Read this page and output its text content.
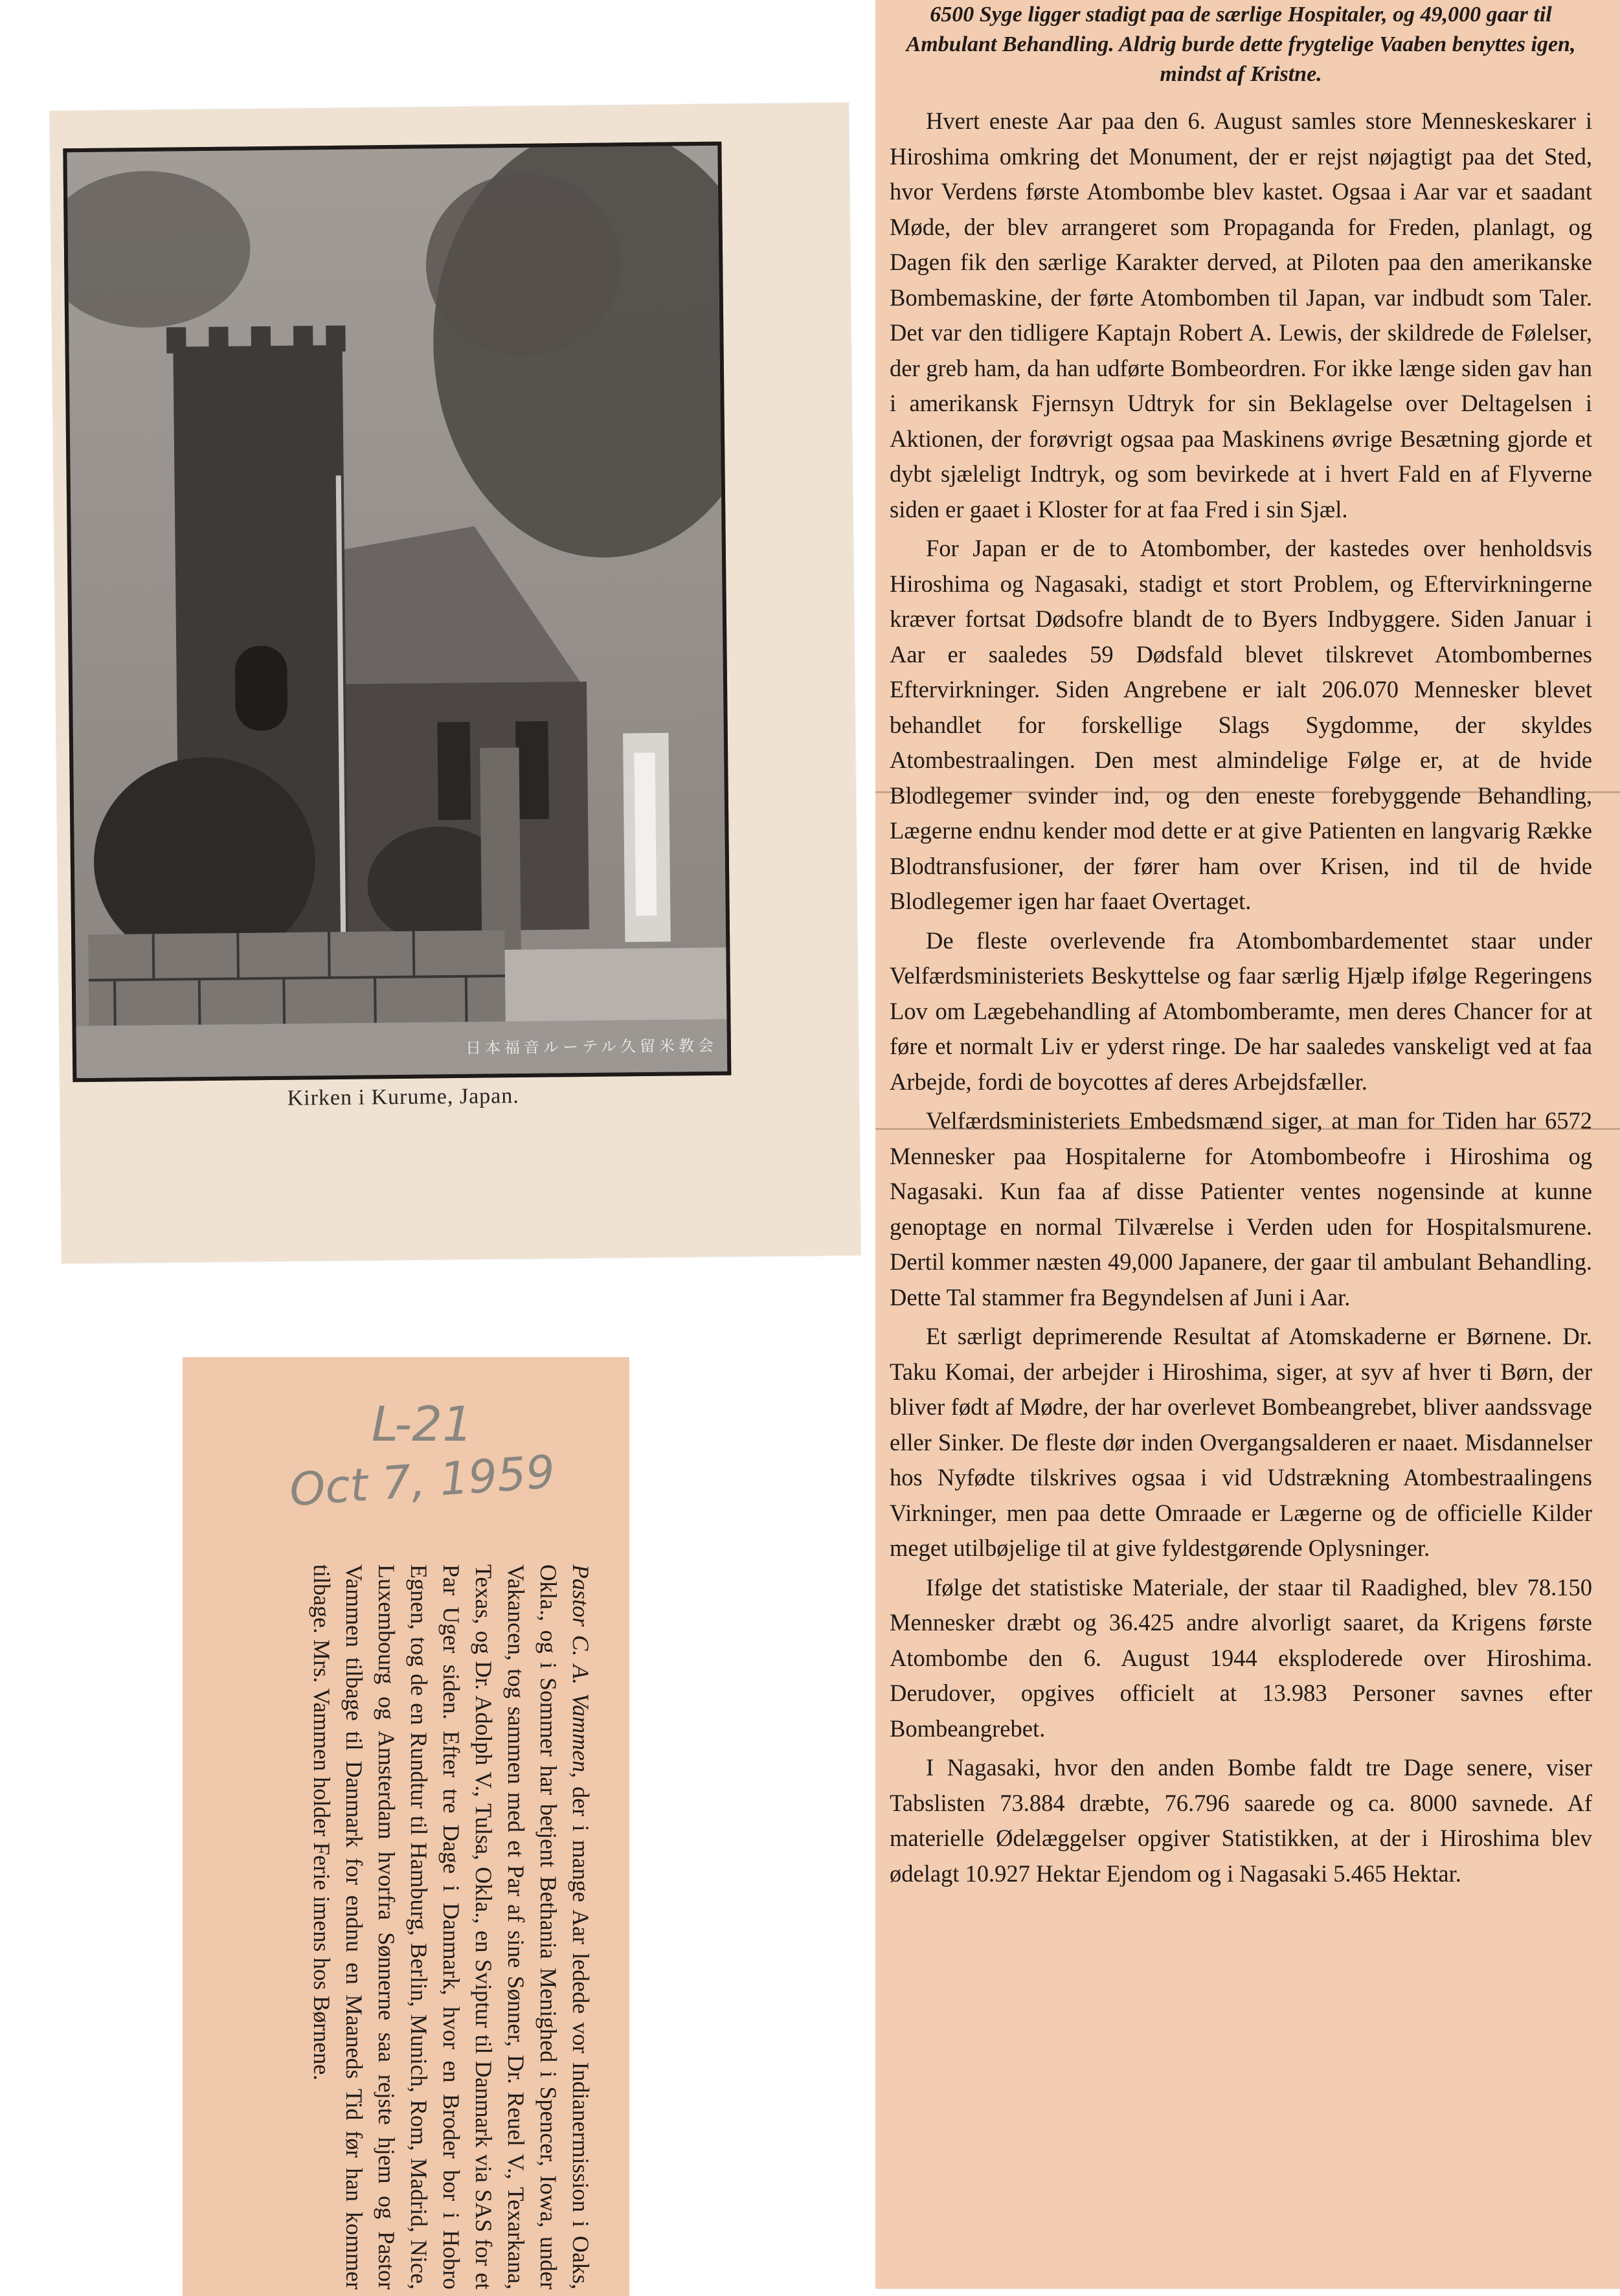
日本福音ルーテル久留米教会
Kirken i Kurume, Japan.
L-21
Oct 7, 1959
Pastor C. A. Vammen, der i mange Aar ledede vor Indianermission i Oaks, Okla., og i Sommer har betjent Bethania Menighed i Spencer, Iowa, under Vakancen, tog sammen med et Par af sine Sønner, Dr. Reuel V., Texarkana, Texas, og Dr. Adolph V., Tulsa, Okla., en Sviptur til Danmark via SAS for et Par Uger siden. Efter tre Dage i Danmark, hvor en Broder bor i Hobro Egnen, tog de en Rundtur til Hamburg, Berlin, Munich, Rom, Madrid, Nice, Luxembourg og Amsterdam hvorfra Sønnerne saa rejste hjem og Pastor Vammen tilbage til Danmark for endnu en Maaneds Tid før han kommer tilbage. Mrs. Vammen holder Ferie imens hos Børnene.

6500 Syge ligger stadigt paa de særlige Hospitaler, og 49,000 gaar til Ambulant Behandling. Aldrig burde dette frygtelige Vaaben benyttes igen, mindst af Kristne.

Hvert eneste Aar paa den 6. August samles store Menneskeskarer i Hiroshima omkring det Monument, der er rejst nøjagtigt paa det Sted, hvor Verdens første Atombombe blev kastet. Ogsaa i Aar var et saadant Møde, der blev arrangeret som Propaganda for Freden, planlagt, og Dagen fik den særlige Karakter derved, at Piloten paa den amerikanske Bombemaskine, der førte Atombomben til Japan, var indbudt som Taler. Det var den tidligere Kaptajn Robert A. Lewis, der skildrede de Følelser, der greb ham, da han udførte Bombeordren. For ikke længe siden gav han i amerikansk Fjernsyn Udtryk for sin Beklagelse over Deltagelsen i Aktionen, der forøvrigt ogsaa paa Maskinens øvrige Besætning gjorde et dybt sjæleligt Indtryk, og som bevirkede at i hvert Fald en af Flyverne siden er gaaet i Kloster for at faa Fred i sin Sjæl.

For Japan er de to Atombomber, der kastedes over henholdsvis Hiroshima og Nagasaki, stadigt et stort Problem, og Eftervirkningerne kræver fortsat Dødsofre blandt de to Byers Indbyggere. Siden Januar i Aar er saaledes 59 Dødsfald blevet tilskrevet Atombombernes Eftervirkninger. Siden Angrebene er ialt 206.070 Mennesker blevet behandlet for forskellige Slags Sygdomme, der skyldes Atombestraalingen. Den mest almindelige Følge er, at de hvide Blodlegemer svinder ind, og den eneste forebyggende Behandling, Lægerne endnu kender mod dette er at give Patienten en langvarig Række Blodtransfusioner, der fører ham over Krisen, ind til de hvide Blodlegemer igen har faaet Overtaget.

De fleste overlevende fra Atombombardementet staar under Velfærdsministeriets Beskyttelse og faar særlig Hjælp ifølge Regeringens Lov om Lægebehandling af Atombomberamte, men deres Chancer for at føre et normalt Liv er yderst ringe. De har saaledes vanskeligt ved at faa Arbejde, fordi de boycottes af deres Arbejdsfæller.

Velfærdsministeriets Embedsmænd siger, at man for Tiden har 6572 Mennesker paa Hospitalerne for Atombombeofre i Hiroshima og Nagasaki. Kun faa af disse Patienter ventes nogensinde at kunne genoptage en normal Tilværelse i Verden uden for Hospitalsmurene. Dertil kommer næsten 49,000 Japanere, der gaar til ambulant Behandling. Dette Tal stammer fra Begyndelsen af Juni i Aar.

Et særligt deprimerende Resultat af Atomskaderne er Børnene. Dr. Taku Komai, der arbejder i Hiroshima, siger, at syv af hver ti Børn, der bliver født af Mødre, der har overlevet Bombeangrebet, bliver aandssvage eller Sinker. De fleste dør inden Overgangsalderen er naaet. Misdannelser hos Nyfødte tilskrives ogsaa i vid Udstrækning Atombestraalingens Virkninger, men paa dette Omraade er Lægerne og de officielle Kilder meget utilbøjelige til at give fyldestgørende Oplysninger.

Ifølge det statistiske Materiale, der staar til Raadighed, blev 78.150 Mennesker dræbt og 36.425 andre alvorligt saaret, da Krigens første Atombombe den 6. August 1944 eksploderede over Hiroshima. Derudover, opgives officielt at 13.983 Personer savnes efter Bombeangrebet.

I Nagasaki, hvor den anden Bombe faldt tre Dage senere, viser Tabslisten 73.884 dræbte, 76.796 saarede og ca. 8000 savnede. Af materielle Ødelæggelser opgiver Statistikken, at der i Hiroshima blev ødelagt 10.927 Hektar Ejendom og i Nagasaki 5.465 Hektar.
